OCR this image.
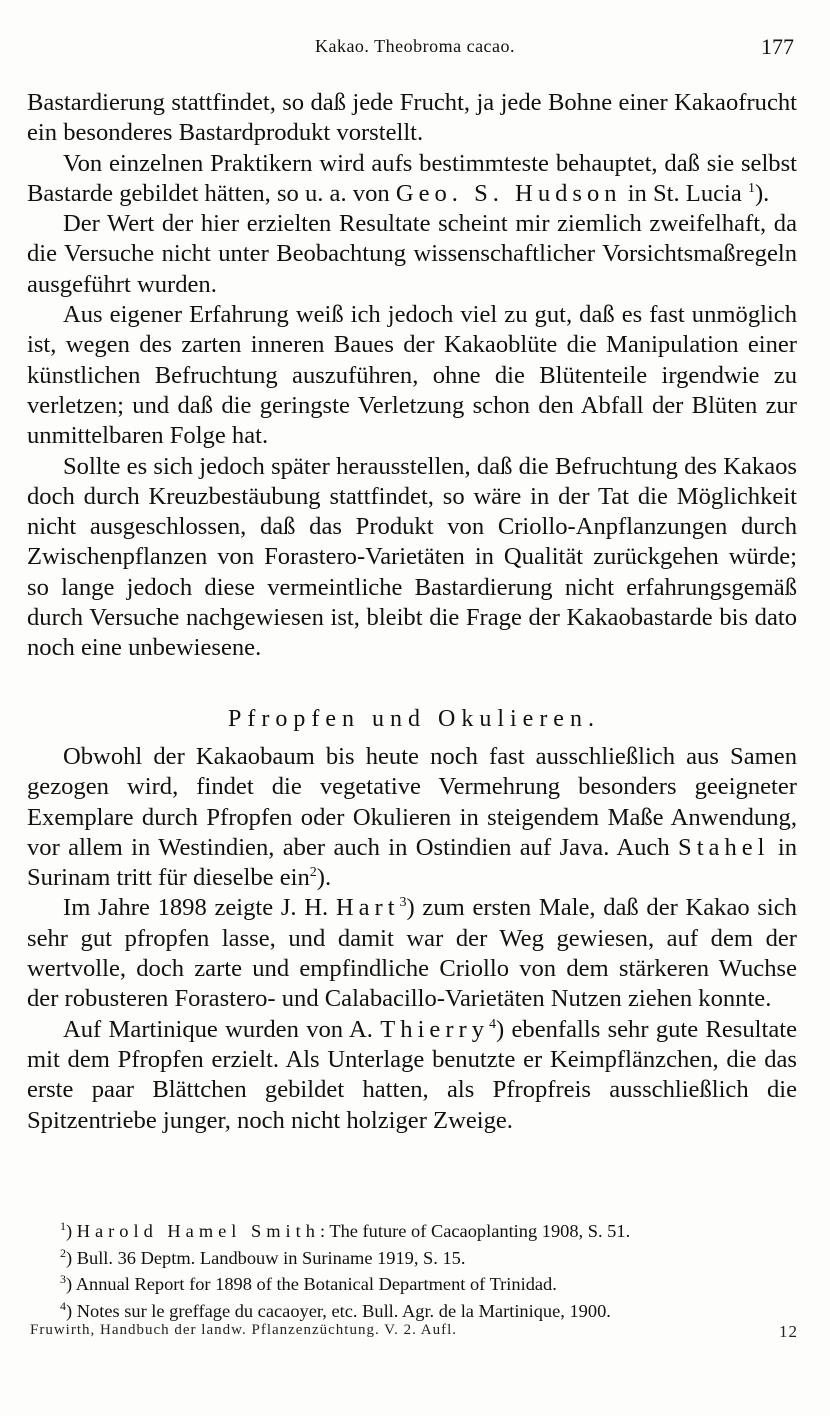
Kakao. Theobroma cacao.	177

Bastardierung stattfindet, so daß jede Frucht, ja jede Bohne einer Kakaofrucht ein besonderes Bastardprodukt vorstellt.

Von einzelnen Praktikern wird aufs bestimmteste behauptet, daß sie selbst Bastarde gebildet hätten, so u. a. von Geo. S. Hudson in St. Lucia $^1$).

Der Wert der hier erzielten Resultate scheint mir ziemlich zweifelhaft, da die Versuche nicht unter Beobachtung wissenschaftlicher Vorsichtsmaßregeln ausgeführt wurden.

Aus eigener Erfahrung weiß ich jedoch viel zu gut, daß es fast unmöglich ist, wegen des zarten inneren Baues der Kakaoblüte die Manipulation einer künstlichen Befruchtung auszuführen, ohne die Blütenteile irgendwie zu verletzen; und daß die geringste Verletzung schon den Abfall der Blüten zur unmittelbaren Folge hat.

Sollte es sich jedoch später herausstellen, daß die Befruchtung des Kakaos doch durch Kreuzbestäubung stattfindet, so wäre in der Tat die Möglichkeit nicht ausgeschlossen, daß das Produkt von Criollo-Anpflanzungen durch Zwischenpflanzen von Forastero-Varietäten in Qualität zurückgehen würde; so lange jedoch diese vermeintliche Bastardierung nicht erfahrungsgemäß durch Versuche nachgewiesen ist, bleibt die Frage der Kakaobastarde bis dato noch eine unbewiesene.

Pfropfen und Okulieren.

Obwohl der Kakaobaum bis heute noch fast ausschließlich aus Samen gezogen wird, findet die vegetative Vermehrung besonders geeigneter Exemplare durch Pfropfen oder Okulieren in steigendem Maße Anwendung, vor allem in Westindien, aber auch in Ostindien auf Java. Auch Stahel in Surinam tritt für dieselbe ein$^2$).

Im Jahre 1898 zeigte J. H. Hart$^3$) zum ersten Male, daß der Kakao sich sehr gut pfropfen lasse, und damit war der Weg gewiesen, auf dem der wertvolle, doch zarte und empfindliche Criollo von dem stärkeren Wuchse der robusteren Forastero- und Calabacillo-Varietäten Nutzen ziehen konnte.

Auf Martinique wurden von A. Thierry$^4$) ebenfalls sehr gute Resultate mit dem Pfropfen erzielt. Als Unterlage benutzte er Keimpflänzchen, die das erste paar Blättchen gebildet hatten, als Pfropfreis ausschließlich die Spitzentriebe junger, noch nicht holziger Zweige.

$^1$) Harold Hamel Smith: The future of Cacaoplanting 1908, S. 51.

$^2$) Bull. 36 Deptm. Landbouw in Suriname 1919, S. 15.

$^3$) Annual Report for 1898 of the Botanical Department of Trinidad.

$^4$) Notes sur le greffage du cacaoyer, etc. Bull. Agr. de la Martinique, 1900.

Fruwirth, Handbuch der landw. Pflanzenzüchtung. V. 2. Aufl.	12
